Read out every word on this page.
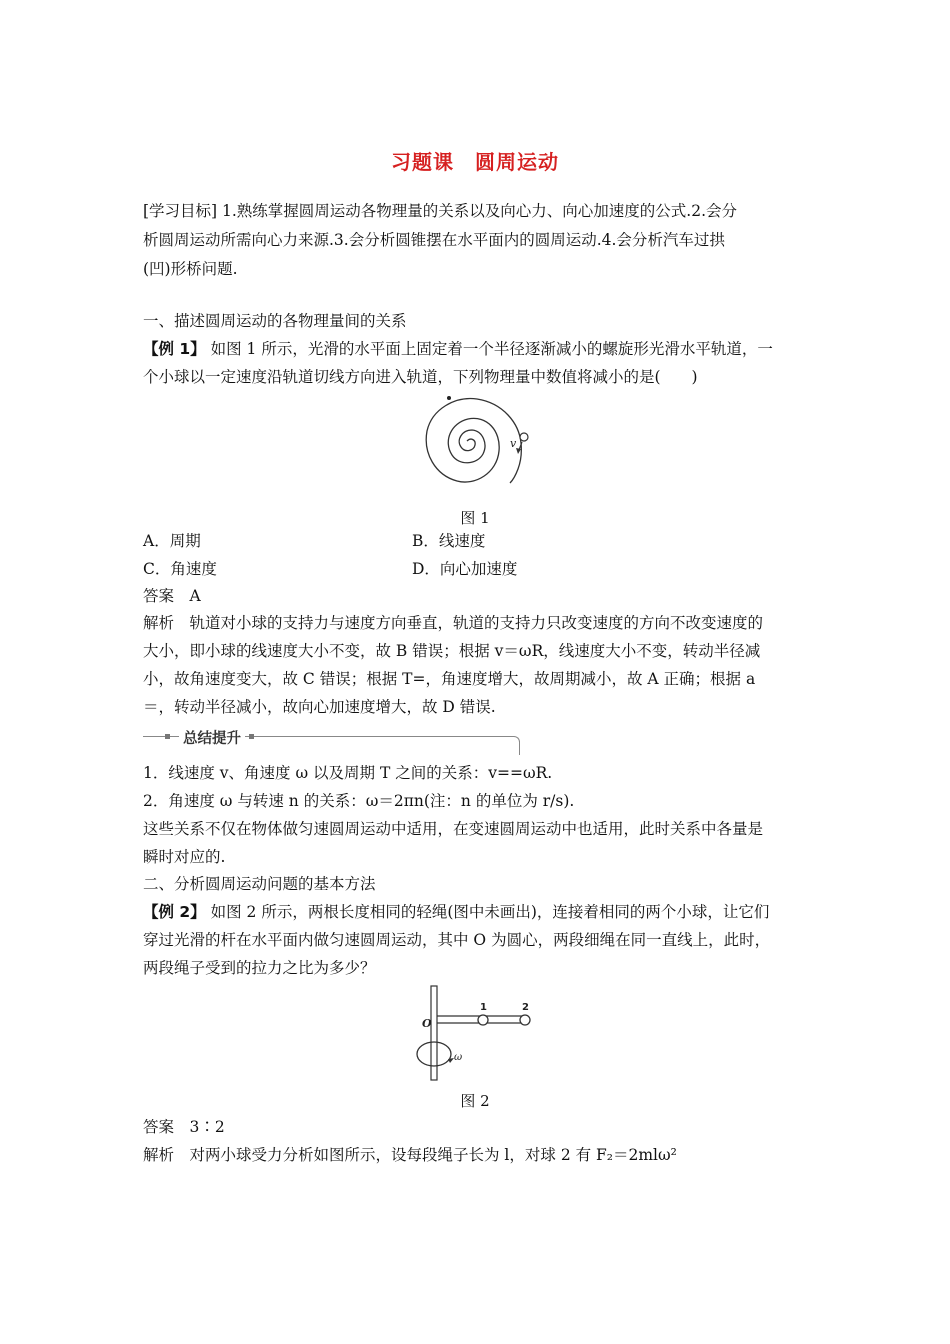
习题课　圆周运动
[学习目标] 1.熟练掌握圆周运动各物理量的关系以及向心力、向心加速度的公式.2.会分
析圆周运动所需向心力来源.3.会分析圆锥摆在水平面内的圆周运动.4.会分析汽车过拱
(凹)形桥问题.
一、描述圆周运动的各物理量间的关系
【例 1】 如图 1 所示，光滑的水平面上固定着一个半径逐渐减小的螺旋形光滑水平轨道，一
个小球以一定速度沿轨道切线方向进入轨道，下列物理量中数值将减小的是(　　)
v
图 1
A．周期	B．线速度
C．角速度	D．向心加速度
答案　A
解析　轨道对小球的支持力与速度方向垂直，轨道的支持力只改变速度的方向不改变速度的
大小，即小球的线速度大小不变，故 B 错误；根据 v＝ωR，线速度大小不变，转动半径减
小，故角速度变大，故 C 错误；根据 T=，角速度增大，故周期减小，故 A 正确；根据 a
＝，转动半径减小，故向心加速度增大，故 D 错误.
总结提升
1．线速度 v、角速度 ω 以及周期 T 之间的关系：v==ωR.
2．角速度 ω 与转速 n 的关系：ω＝2πn(注：n 的单位为 r/s).
这些关系不仅在物体做匀速圆周运动中适用，在变速圆周运动中也适用，此时关系中各量是
瞬时对应的.
二、分析圆周运动问题的基本方法
【例 2】 如图 2 所示，两根长度相同的轻绳(图中未画出)，连接着相同的两个小球，让它们
穿过光滑的杆在水平面内做匀速圆周运动，其中 O 为圆心，两段细绳在同一直线上，此时，
两段绳子受到的拉力之比为多少？
O
1	2
ω
图 2
答案　3∶2
解析　对两小球受力分析如图所示，设每段绳子长为 l，对球 2 有 F₂＝2mlω²
